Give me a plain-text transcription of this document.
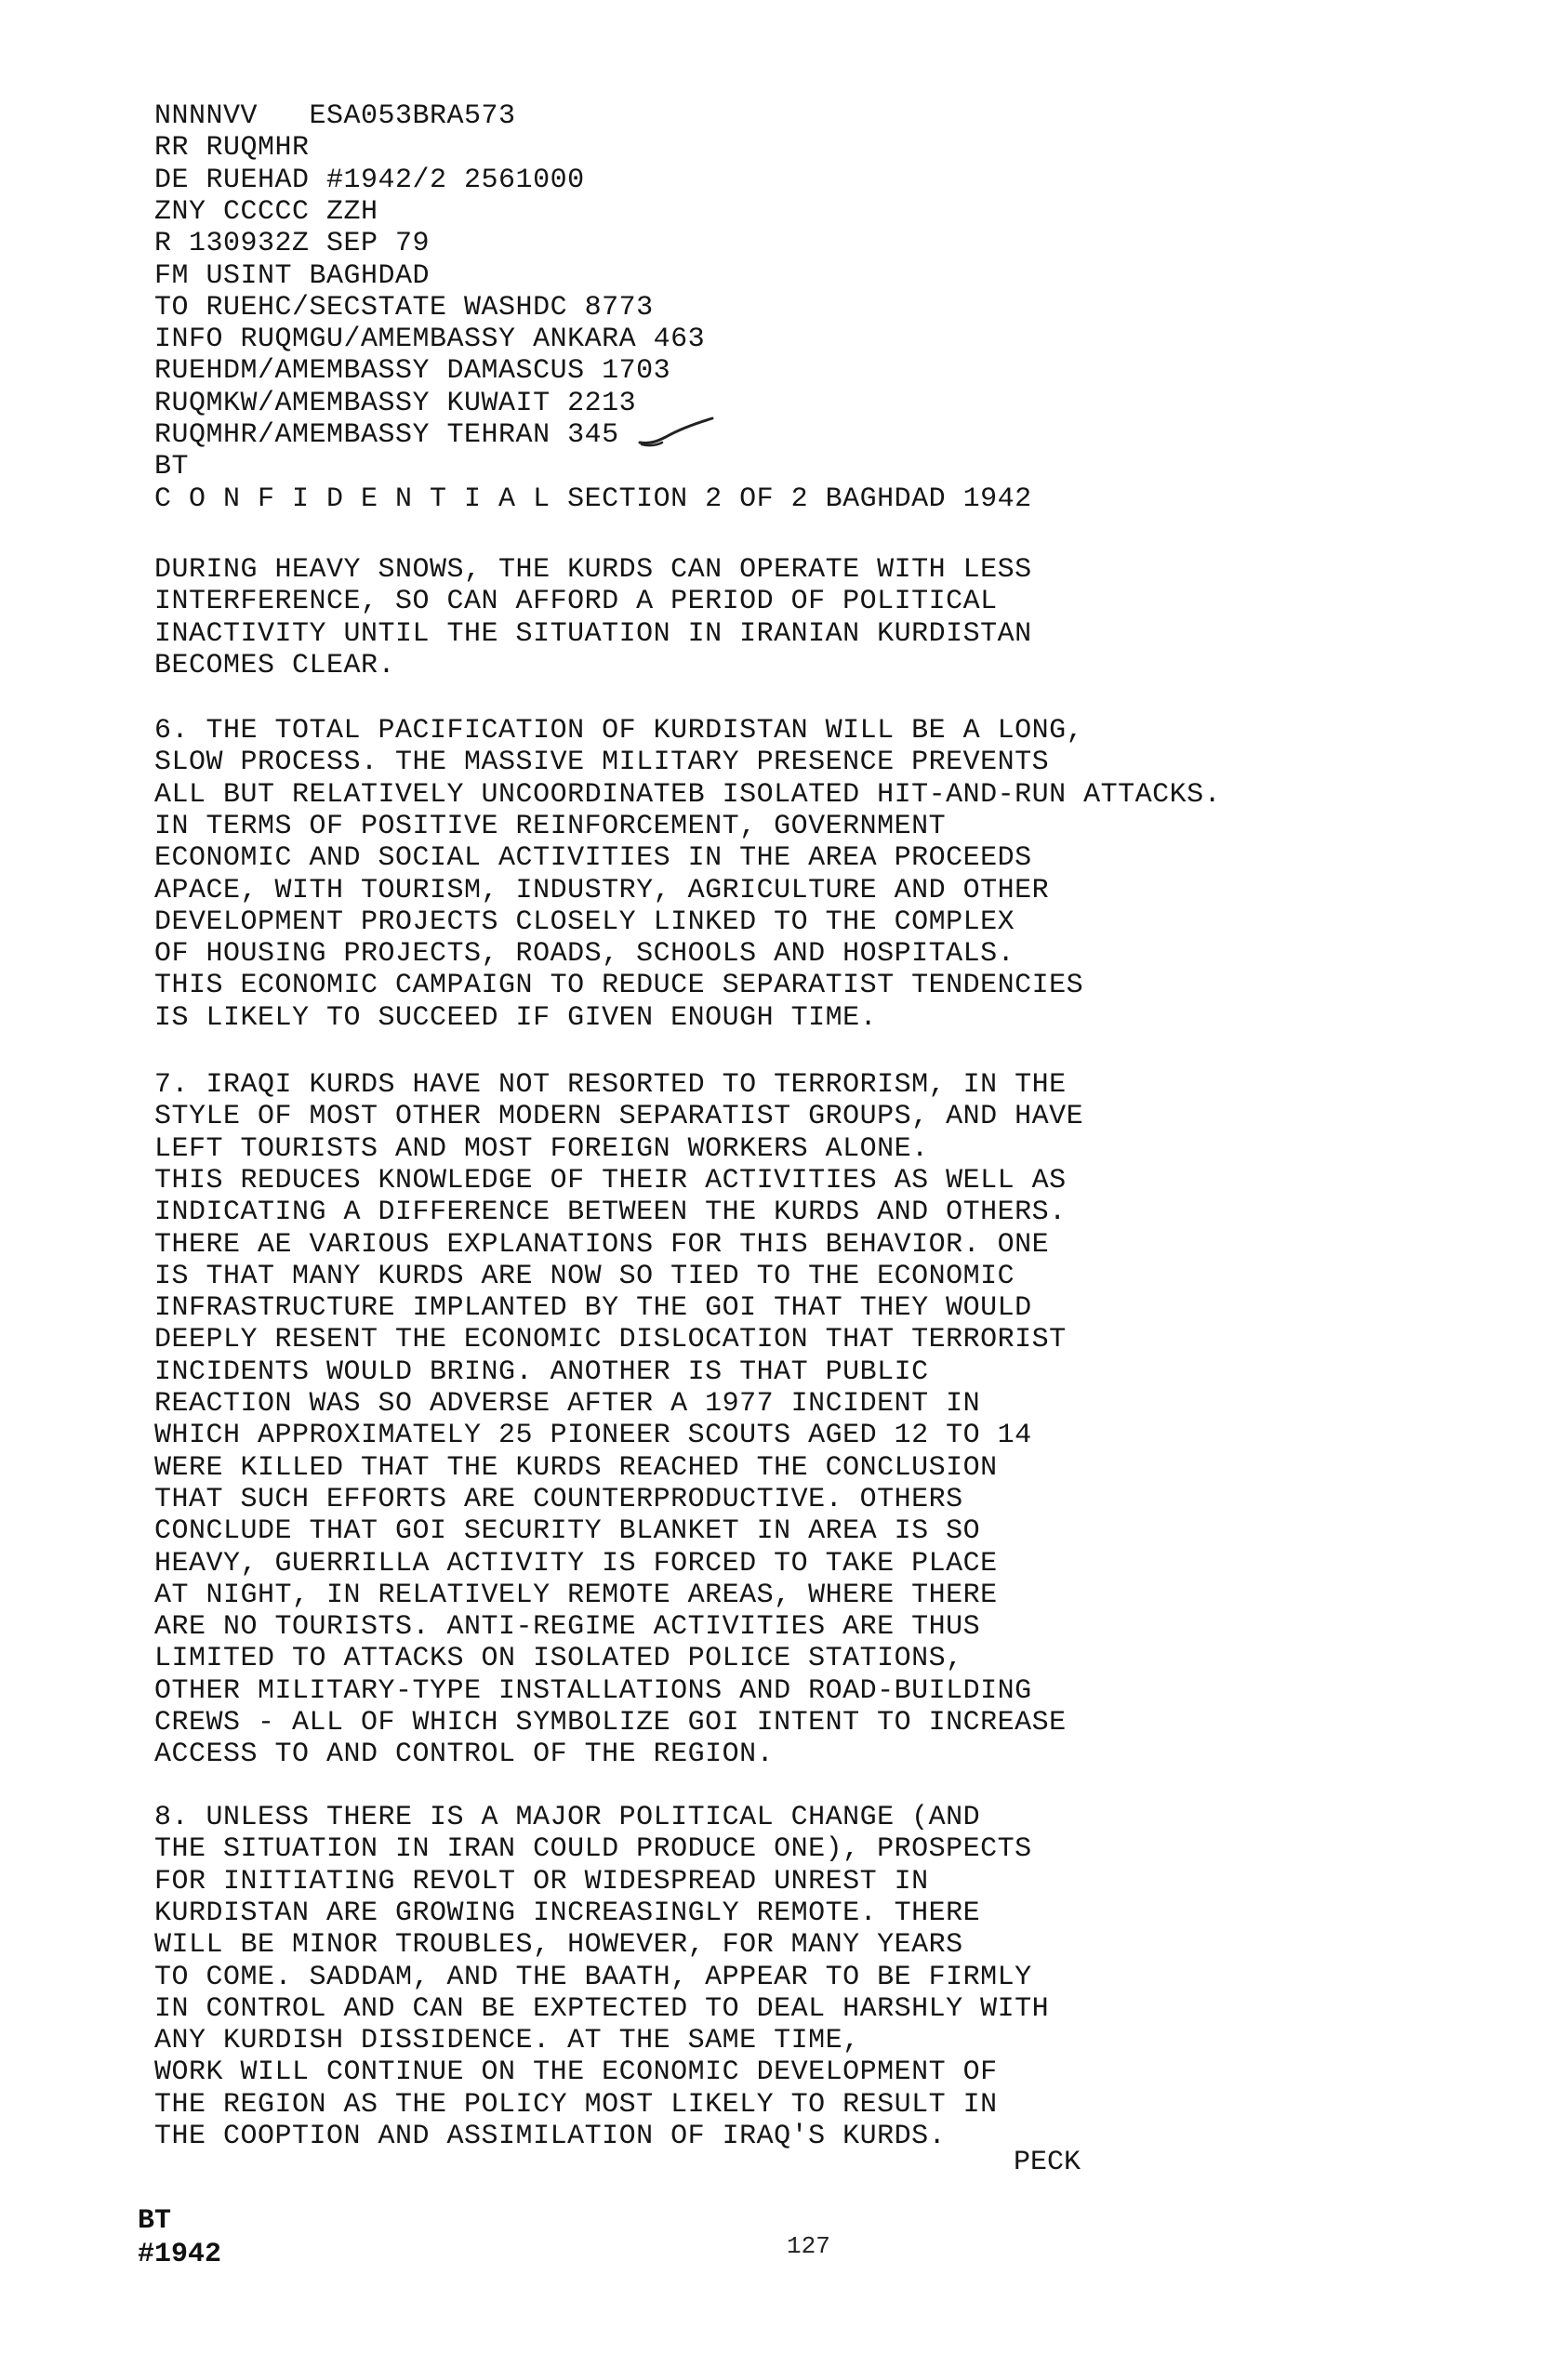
NNNNVV   ESA053BRA573
RR RUQMHR
DE RUEHAD #1942/2 2561000
ZNY CCCCC ZZH
R 130932Z SEP 79
FM USINT BAGHDAD
TO RUEHC/SECSTATE WASHDC 8773
INFO RUQMGU/AMEMBASSY ANKARA 463
RUEHDM/AMEMBASSY DAMASCUS 1703
RUQMKW/AMEMBASSY KUWAIT 2213
RUQMHR/AMEMBASSY TEHRAN 345
BT
C O N F I D E N T I A L SECTION 2 OF 2 BAGHDAD 1942
DURING HEAVY SNOWS, THE KURDS CAN OPERATE WITH LESS
INTERFERENCE, SO CAN AFFORD A PERIOD OF POLITICAL
INACTIVITY UNTIL THE SITUATION IN IRANIAN KURDISTAN
BECOMES CLEAR.
6. THE TOTAL PACIFICATION OF KURDISTAN WILL BE A LONG,
SLOW PROCESS. THE MASSIVE MILITARY PRESENCE PREVENTS
ALL BUT RELATIVELY UNCOORDINATEB ISOLATED HIT-AND-RUN ATTACKS.
IN TERMS OF POSITIVE REINFORCEMENT, GOVERNMENT
ECONOMIC AND SOCIAL ACTIVITIES IN THE AREA PROCEEDS
APACE, WITH TOURISM, INDUSTRY, AGRICULTURE AND OTHER
DEVELOPMENT PROJECTS CLOSELY LINKED TO THE COMPLEX
OF HOUSING PROJECTS, ROADS, SCHOOLS AND HOSPITALS.
THIS ECONOMIC CAMPAIGN TO REDUCE SEPARATIST TENDENCIES
IS LIKELY TO SUCCEED IF GIVEN ENOUGH TIME.
7. IRAQI KURDS HAVE NOT RESORTED TO TERRORISM, IN THE
STYLE OF MOST OTHER MODERN SEPARATIST GROUPS, AND HAVE
LEFT TOURISTS AND MOST FOREIGN WORKERS ALONE.
THIS REDUCES KNOWLEDGE OF THEIR ACTIVITIES AS WELL AS
INDICATING A DIFFERENCE BETWEEN THE KURDS AND OTHERS.
THERE AE VARIOUS EXPLANATIONS FOR THIS BEHAVIOR. ONE
IS THAT MANY KURDS ARE NOW SO TIED TO THE ECONOMIC
INFRASTRUCTURE IMPLANTED BY THE GOI THAT THEY WOULD
DEEPLY RESENT THE ECONOMIC DISLOCATION THAT TERRORIST
INCIDENTS WOULD BRING. ANOTHER IS THAT PUBLIC
REACTION WAS SO ADVERSE AFTER A 1977 INCIDENT IN
WHICH APPROXIMATELY 25 PIONEER SCOUTS AGED 12 TO 14
WERE KILLED THAT THE KURDS REACHED THE CONCLUSION
THAT SUCH EFFORTS ARE COUNTERPRODUCTIVE. OTHERS
CONCLUDE THAT GOI SECURITY BLANKET IN AREA IS SO
HEAVY, GUERRILLA ACTIVITY IS FORCED TO TAKE PLACE
AT NIGHT, IN RELATIVELY REMOTE AREAS, WHERE THERE
ARE NO TOURISTS. ANTI-REGIME ACTIVITIES ARE THUS
LIMITED TO ATTACKS ON ISOLATED POLICE STATIONS,
OTHER MILITARY-TYPE INSTALLATIONS AND ROAD-BUILDING
CREWS - ALL OF WHICH SYMBOLIZE GOI INTENT TO INCREASE
ACCESS TO AND CONTROL OF THE REGION.
8. UNLESS THERE IS A MAJOR POLITICAL CHANGE (AND
THE SITUATION IN IRAN COULD PRODUCE ONE), PROSPECTS
FOR INITIATING REVOLT OR WIDESPREAD UNREST IN
KURDISTAN ARE GROWING INCREASINGLY REMOTE. THERE
WILL BE MINOR TROUBLES, HOWEVER, FOR MANY YEARS
TO COME. SADDAM, AND THE BAATH, APPEAR TO BE FIRMLY
IN CONTROL AND CAN BE EXPTECTED TO DEAL HARSHLY WITH
ANY KURDISH DISSIDENCE. AT THE SAME TIME,
WORK WILL CONTINUE ON THE ECONOMIC DEVELOPMENT OF
THE REGION AS THE POLICY MOST LIKELY TO RESULT IN
THE COOPTION AND ASSIMILATION OF IRAQ'S KURDS.
PECK
BT
#1942	127
